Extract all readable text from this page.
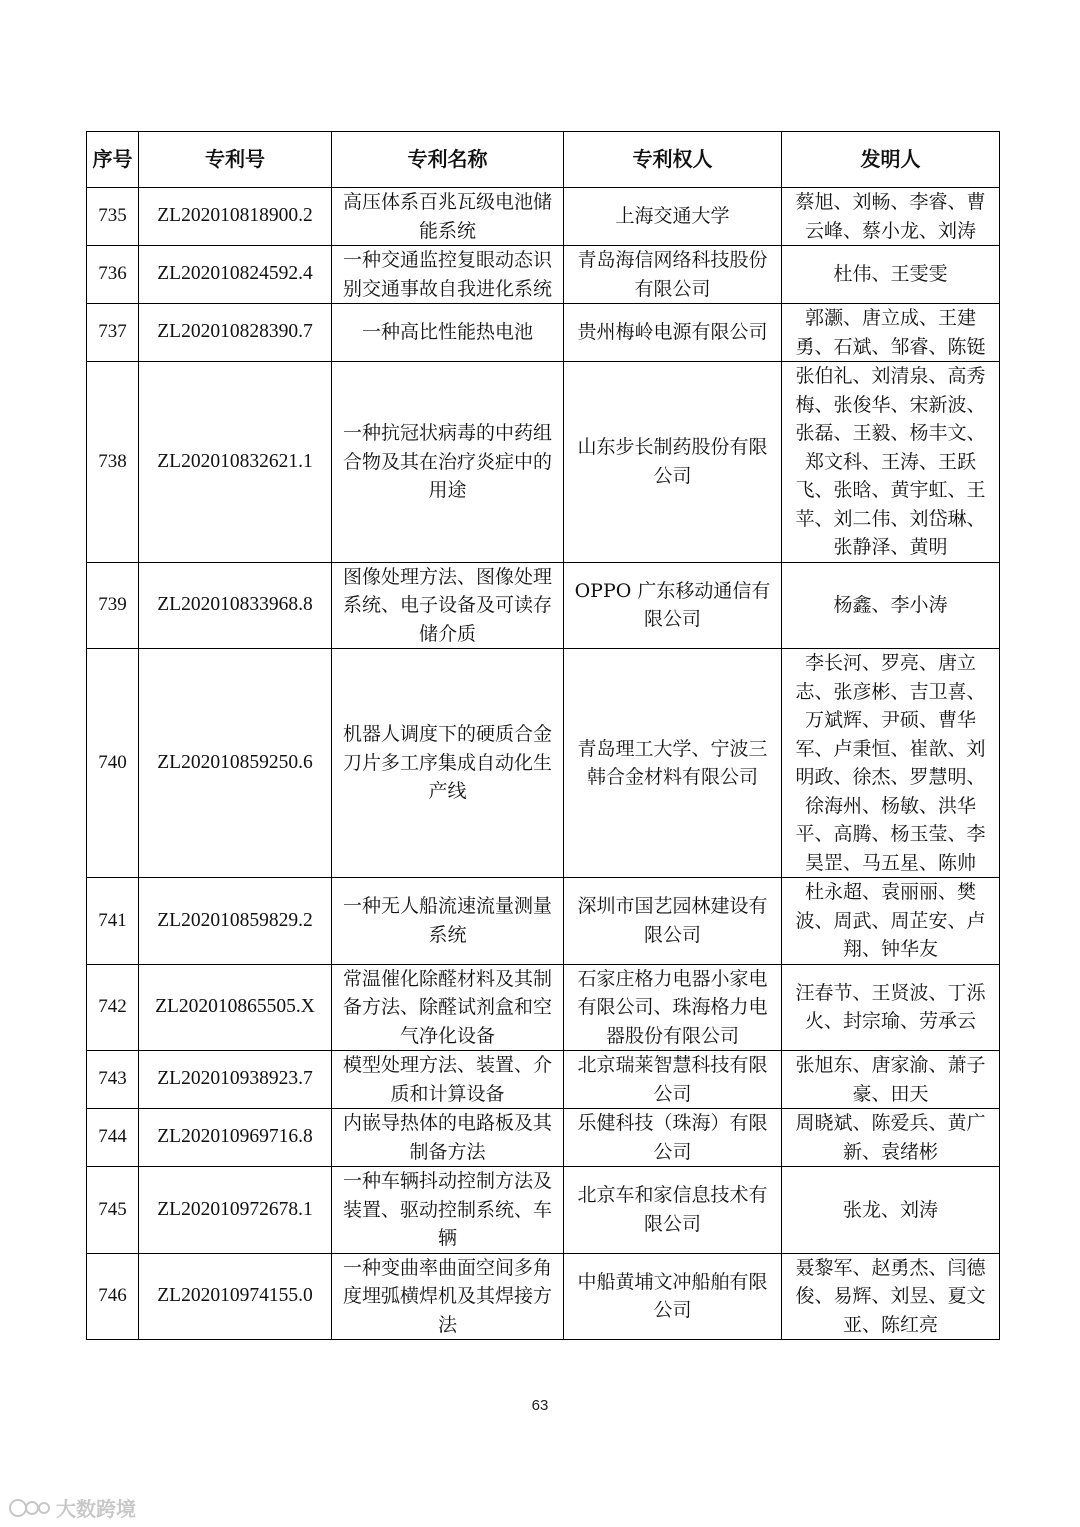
序号	专利号	专利名称	专利权人	发明人
735	ZL202010818900.2	高压体系百兆瓦级电池储能系统	上海交通大学	蔡旭、刘畅、李睿、曹云峰、蔡小龙、刘涛
736	ZL202010824592.4	一种交通监控复眼动态识别交通事故自我进化系统	青岛海信网络科技股份有限公司	杜伟、王雯雯
737	ZL202010828390.7	一种高比性能热电池	贵州梅岭电源有限公司	郭灏、唐立成、王建勇、石斌、邹睿、陈铤
738	ZL202010832621.1	一种抗冠状病毒的中药组合物及其在治疗炎症中的用途	山东步长制药股份有限公司	张伯礼、刘清泉、高秀梅、张俊华、宋新波、张磊、王毅、杨丰文、郑文科、王涛、王跃飞、张晗、黄宇虹、王苹、刘二伟、刘岱琳、张静泽、黄明
739	ZL202010833968.8	图像处理方法、图像处理系统、电子设备及可读存储介质	OPPO 广东移动通信有限公司	杨鑫、李小涛
740	ZL202010859250.6	机器人调度下的硬质合金刀片多工序集成自动化生产线	青岛理工大学、宁波三韩合金材料有限公司	李长河、罗亮、唐立志、张彦彬、吉卫喜、万斌辉、尹硕、曹华军、卢秉恒、崔歆、刘明政、徐杰、罗慧明、徐海州、杨敏、洪华平、高腾、杨玉莹、李昊罡、马五星、陈帅
741	ZL202010859829.2	一种无人船流速流量测量系统	深圳市国艺园林建设有限公司	杜永超、袁丽丽、樊波、周武、周芷安、卢翔、钟华友
742	ZL202010865505.X	常温催化除醛材料及其制备方法、除醛试剂盒和空气净化设备	石家庄格力电器小家电有限公司、珠海格力电器股份有限公司	汪春节、王贤波、丁泺火、封宗瑜、劳承云
743	ZL202010938923.7	模型处理方法、装置、介质和计算设备	北京瑞莱智慧科技有限公司	张旭东、唐家渝、萧子豪、田天
744	ZL202010969716.8	内嵌导热体的电路板及其制备方法	乐健科技（珠海）有限公司	周晓斌、陈爱兵、黄广新、袁绪彬
745	ZL202010972678.1	一种车辆抖动控制方法及装置、驱动控制系统、车辆	北京车和家信息技术有限公司	张龙、刘涛
746	ZL202010974155.0	一种变曲率曲面空间多角度埋弧横焊机及其焊接方法	中船黄埔文冲船舶有限公司	聂黎军、赵勇杰、闫德俊、易辉、刘昱、夏文亚、陈红亮
63
大数跨境
